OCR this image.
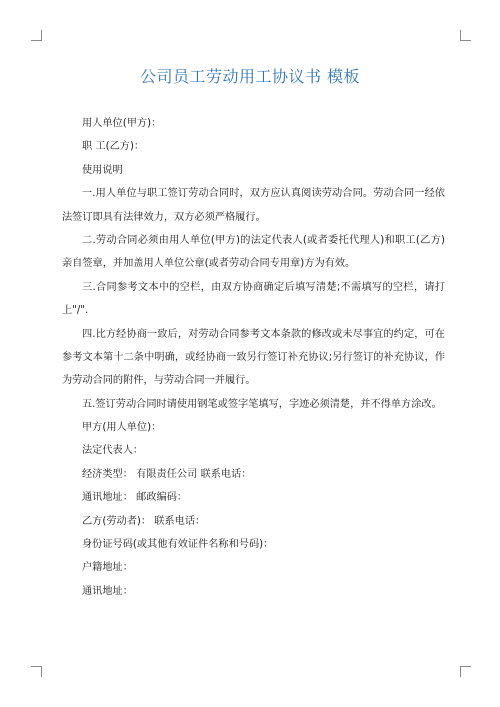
公司员工劳动用工协议书 模板
用人单位(甲方)：
职 工(乙方)：
使用说明
一.用人单位与职工签订劳动合同时，双方应认真阅读劳动合同。劳动合同一经依
法签订即具有法律效力，双方必须严格履行。
二.劳动合同必须由用人单位(甲方)的法定代表人(或者委托代理人)和职工(乙方)
亲自签章，并加盖用人单位公章(或者劳动合同专用章)方为有效。
三.合同参考文本中的空栏，由双方协商确定后填写清楚;不需填写的空栏，请打
上"/".
四.比方经协商一致后，对劳动合同参考文本条款的修改或未尽事宜的约定，可在
参考文本第十二条中明确，或经协商一致另行签订补充协议;另行签订的补充协议，作
为劳动合同的附件，与劳动合同一并履行。
五.签订劳动合同时请使用钢笔或签字笔填写，字迹必须清楚，并不得单方涂改。
甲方(用人单位)：
法定代表人：
经济类型： 有限责任公司 联系电话：
通讯地址： 邮政编码：
乙方(劳动者)： 联系电话：
身份证号码(或其他有效证件名称和号码)：
户籍地址：
通讯地址：
